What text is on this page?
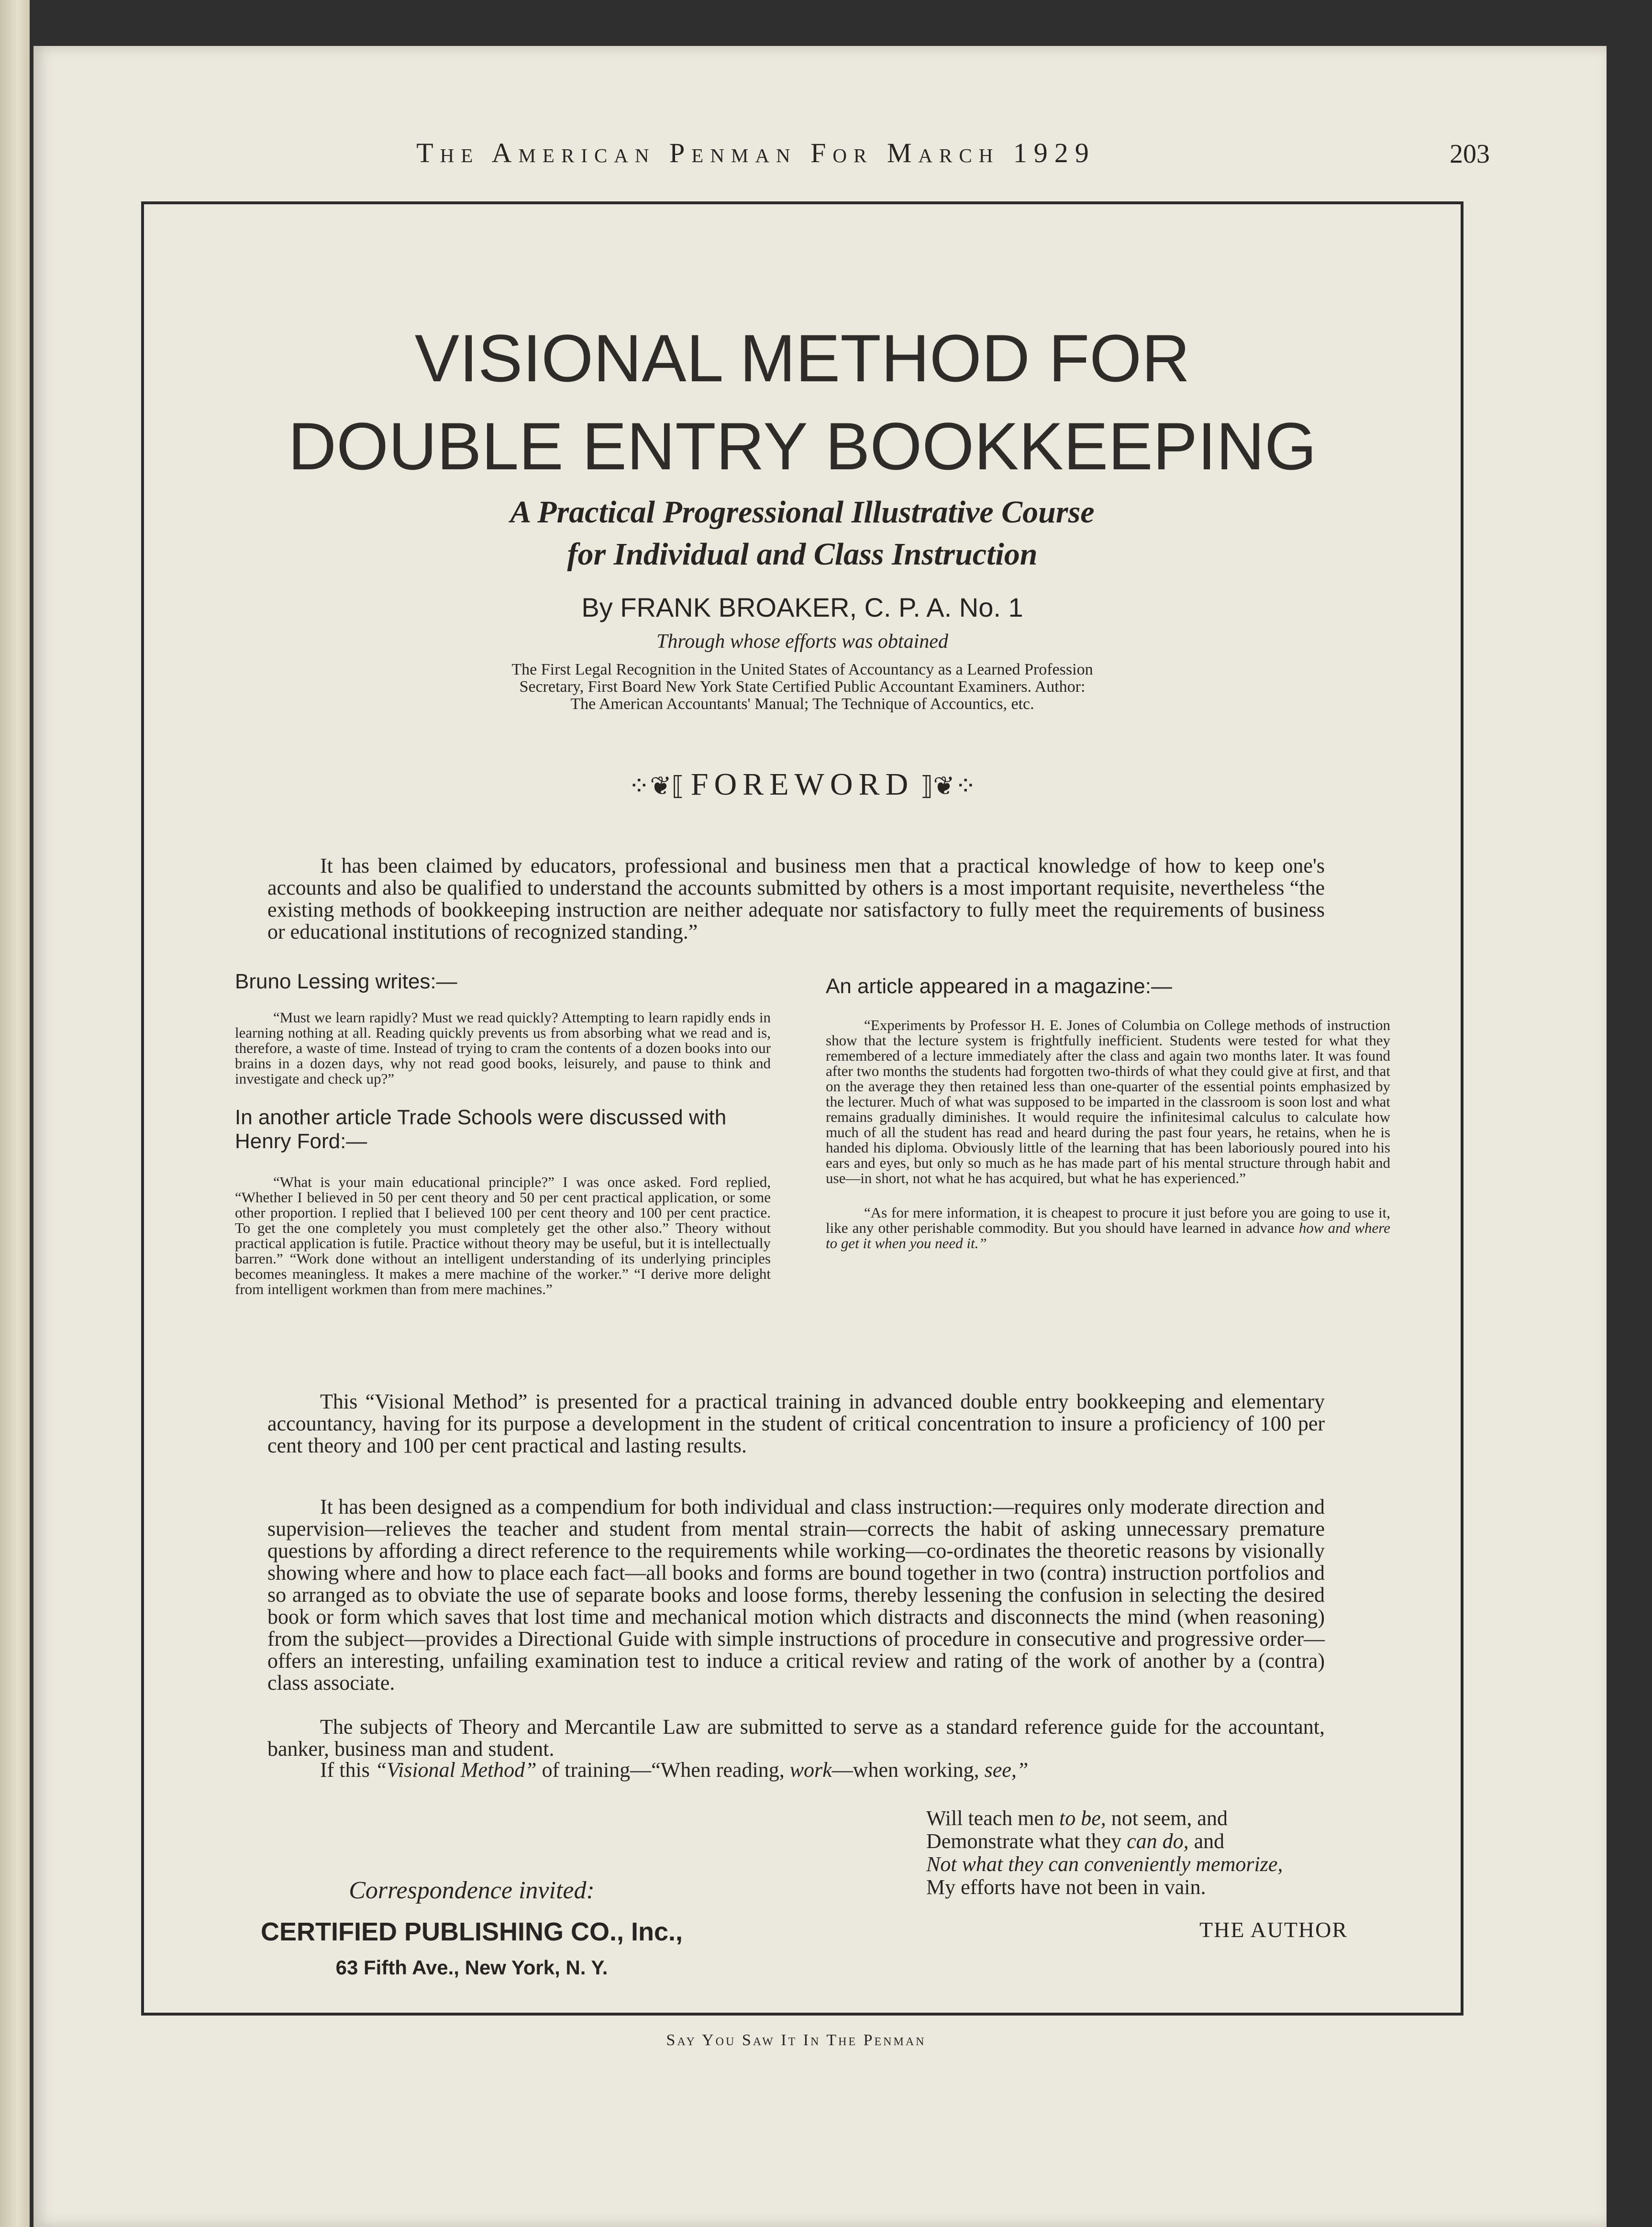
The American Penman For March 1929	203
VISIONAL METHOD FOR
DOUBLE ENTRY BOOKKEEPING
A Practical Progressional Illustrative Course
for Individual and Class Instruction
By FRANK BROAKER, C. P. A. No. 1
Through whose efforts was obtained
The First Legal Recognition in the United States of Accountancy as a Learned Profession
Secretary, First Board New York State Certified Public Accountant Examiners. Author:
The American Accountants' Manual; The Technique of Accountics, etc.
⁘❦⟦ FOREWORD ⟧❦⁘
It has been claimed by educators, professional and business men that a practical knowledge of how to keep one's accounts and also be qualified to understand the accounts submitted by others is a most important requisite, nevertheless “the existing methods of bookkeeping instruction are neither adequate nor satisfactory to fully meet the requirements of business or educational institutions of recognized standing.”
Bruno Lessing writes:—
“Must we learn rapidly? Must we read quickly? Attempting to learn rapidly ends in learning nothing at all. Reading quickly prevents us from absorbing what we read and is, therefore, a waste of time. Instead of trying to cram the contents of a dozen books into our brains in a dozen days, why not read good books, leisurely, and pause to think and investigate and check up?”
In another article Trade Schools were discussed with Henry Ford:—
“What is your main educational principle?” I was once asked. Ford replied, “Whether I believed in 50 per cent theory and 50 per cent practical application, or some other proportion. I replied that I believed 100 per cent theory and 100 per cent practice. To get the one completely you must completely get the other also.” Theory without practical application is futile. Practice without theory may be useful, but it is intellectually barren.” “Work done without an intelligent understanding of its underlying principles becomes meaningless. It makes a mere machine of the worker.” “I derive more delight from intelligent workmen than from mere machines.”
An article appeared in a magazine:—
“Experiments by Professor H. E. Jones of Columbia on College methods of instruction show that the lecture system is frightfully inefficient. Students were tested for what they remembered of a lecture immediately after the class and again two months later. It was found after two months the students had forgotten two-thirds of what they could give at first, and that on the average they then retained less than one-quarter of the essential points emphasized by the lecturer. Much of what was supposed to be imparted in the classroom is soon lost and what remains gradually diminishes. It would require the infinitesimal calculus to calculate how much of all the student has read and heard during the past four years, he retains, when he is handed his diploma. Obviously little of the learning that has been laboriously poured into his ears and eyes, but only so much as he has made part of his mental structure through habit and use—in short, not what he has acquired, but what he has experienced.”
“As for mere information, it is cheapest to procure it just before you are going to use it, like any other perishable commodity. But you should have learned in advance how and where to get it when you need it.”

This “Visional Method” is presented for a practical training in advanced double entry bookkeeping and elementary accountancy, having for its purpose a development in the student of critical concentration to insure a proficiency of 100 per cent theory and 100 per cent practical and lasting results.

It has been designed as a compendium for both individual and class instruction:—requires only moderate direction and supervision—relieves the teacher and student from mental strain—corrects the habit of asking unnecessary premature questions by affording a direct reference to the requirements while working—co-ordinates the theoretic reasons by visionally showing where and how to place each fact—all books and forms are bound together in two (contra) instruction portfolios and so arranged as to obviate the use of separate books and loose forms, thereby lessening the confusion in selecting the desired book or form which saves that lost time and mechanical motion which distracts and disconnects the mind (when reasoning) from the subject—provides a Directional Guide with simple instructions of procedure in consecutive and progressive order—offers an interesting, unfailing examination test to induce a critical review and rating of the work of another by a (contra) class associate.

The subjects of Theory and Mercantile Law are submitted to serve as a standard reference guide for the accountant, banker, business man and student.

If this “Visional Method” of training—“When reading, work—when working, see,”

Will teach men to be, not seem, and
Demonstrate what they can do, and
Not what they can conveniently memorize,
My efforts have not been in vain.
THE AUTHOR
Correspondence invited:
CERTIFIED PUBLISHING CO., Inc.,
63 Fifth Ave., New York, N. Y.
Say You Saw It In The Penman
